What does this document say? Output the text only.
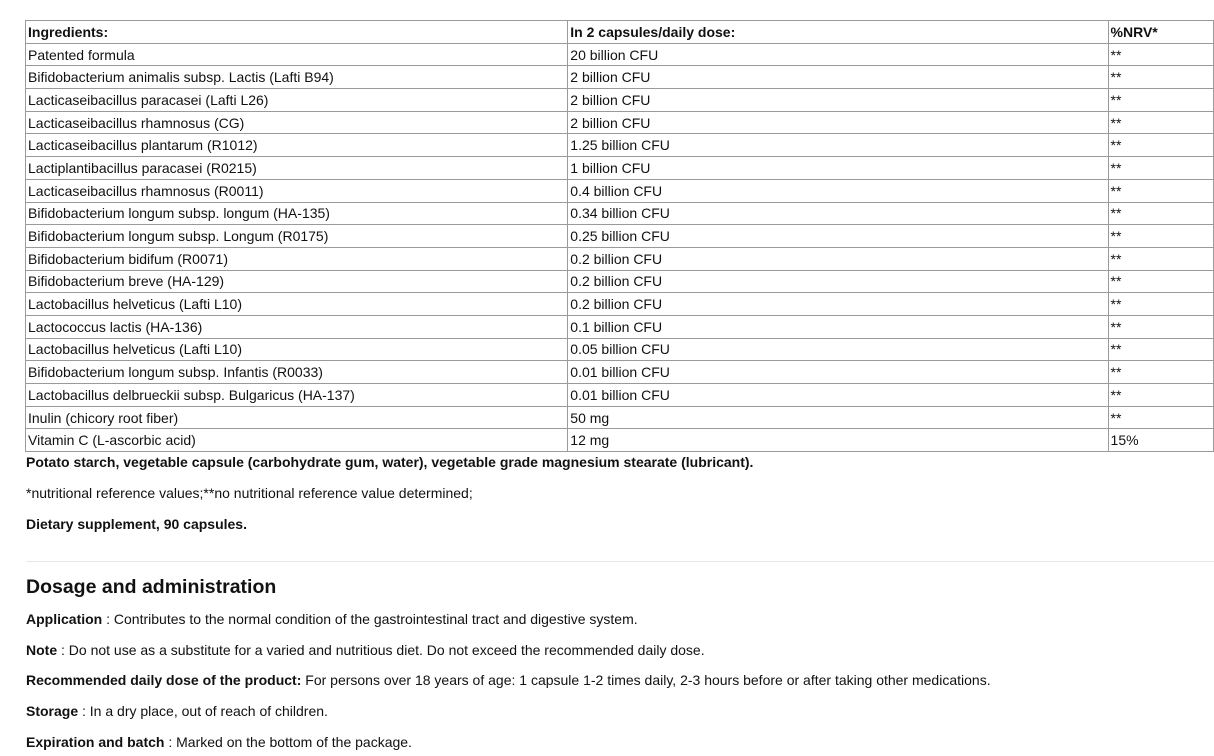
Ingredients:	In 2 capsules/daily dose:	%NRV*
Patented formula	20 billion CFU	**
Bifidobacterium animalis subsp. Lactis (Lafti B94)	2 billion CFU	**
Lacticaseibacillus paracasei (Lafti L26)	2 billion CFU	**
Lacticaseibacillus rhamnosus (CG)	2 billion CFU	**
Lacticaseibacillus plantarum (R1012)	1.25 billion CFU	**
Lactiplantibacillus paracasei (R0215)	1 billion CFU	**
Lacticaseibacillus rhamnosus (R0011)	0.4 billion CFU	**
Bifidobacterium longum subsp. longum (HA-135)	0.34 billion CFU	**
Bifidobacterium longum subsp. Longum (R0175)	0.25 billion CFU	**
Bifidobacterium bidifum (R0071)	0.2 billion CFU	**
Bifidobacterium breve (HA-129)	0.2 billion CFU	**
Lactobacillus helveticus (Lafti L10)	0.2 billion CFU	**
Lactococcus lactis (HA-136)	0.1 billion CFU	**
Lactobacillus helveticus (Lafti L10)	0.05 billion CFU	**
Bifidobacterium longum subsp. Infantis (R0033)	0.01 billion CFU	**
Lactobacillus delbrueckii subsp. Bulgaricus (HA-137)	0.01 billion CFU	**
Inulin (chicory root fiber)	50 mg	**
Vitamin C (L-ascorbic acid)	12 mg	15%

Potato starch, vegetable capsule (carbohydrate gum, water), vegetable grade magnesium stearate (lubricant).

*nutritional reference values;**no nutritional reference value determined;

Dietary supplement, 90 capsules.

Dosage and administration

Application : Contributes to the normal condition of the gastrointestinal tract and digestive system.

Note : Do not use as a substitute for a varied and nutritious diet. Do not exceed the recommended daily dose.

Recommended daily dose of the product: For persons over 18 years of age: 1 capsule 1-2 times daily, 2-3 hours before or after taking other medications.

Storage : In a dry place, out of reach of children.

Expiration and batch : Marked on the bottom of the package.
